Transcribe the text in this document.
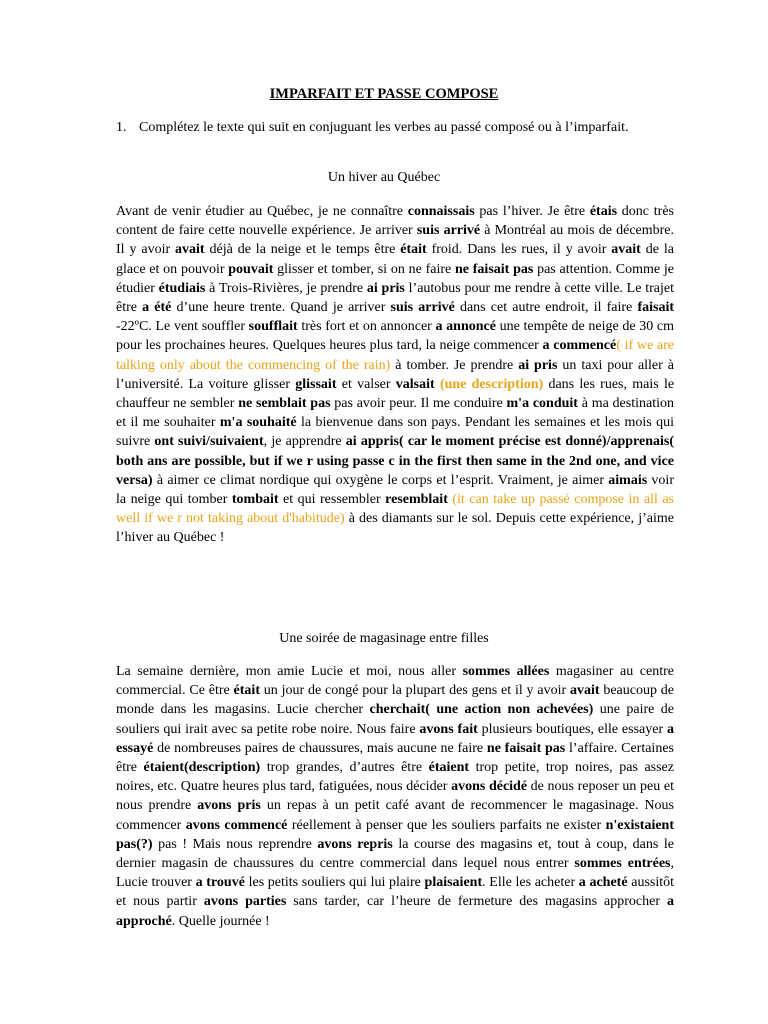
IMPARFAIT ET PASSE COMPOSE
1. Complétez le texte qui suit en conjuguant les verbes au passé composé ou à l’imparfait.
Un hiver au Québec
Avant de venir étudier au Québec, je ne connaître connaissais pas l’hiver. Je être étais donc très content de faire cette nouvelle expérience. Je arriver suis arrivé à Montréal au mois de décembre. Il y avoir avait déjà de la neige et le temps être était froid. Dans les rues, il y avoir avait de la glace et on pouvoir pouvait glisser et tomber, si on ne faire ne faisait pas pas attention. Comme je étudier étudiais à Trois-Rivières, je prendre ai pris l’autobus pour me rendre à cette ville. Le trajet être a été d’une heure trente. Quand je arriver suis arrivé dans cet autre endroit, il faire faisait -22ºC. Le vent souffler soufflait très fort et on annoncer a annoncé une tempête de neige de 30 cm pour les prochaines heures. Quelques heures plus tard, la neige commencer a commencé( if we are talking only about the commencing of the rain) à tomber. Je prendre ai pris un taxi pour aller à l’université. La voiture glisser glissait et valser valsait (une description) dans les rues, mais le chauffeur ne sembler ne semblait pas pas avoir peur. Il me conduire m'a conduit à ma destination et il me souhaiter m'a souhaité la bienvenue dans son pays. Pendant les semaines et les mois qui suivre ont suivi/suivaient, je apprendre ai appris( car le moment précise est donné)/apprenais( both ans are possible, but if we r using passe c in the first then same in the 2nd one, and vice versa) à aimer ce climat nordique qui oxygène le corps et l’esprit. Vraiment, je aimer aimais voir la neige qui tomber tombait et qui ressembler resemblait (it can take up passé compose in all as well if we r not taking about d'habitude) à des diamants sur le sol. Depuis cette expérience, j’aime l’hiver au Québec !
Une soirée de magasinage entre filles
La semaine dernière, mon amie Lucie et moi, nous aller sommes allées magasiner au centre commercial. Ce être était un jour de congé pour la plupart des gens et il y avoir avait beaucoup de monde dans les magasins. Lucie chercher cherchait( une action non achevées) une paire de souliers qui irait avec sa petite robe noire. Nous faire avons fait plusieurs boutiques, elle essayer a essayé de nombreuses paires de chaussures, mais aucune ne faire ne faisait pas l’affaire. Certaines être étaient(description) trop grandes, d’autres être étaient trop petite, trop noires, pas assez noires, etc. Quatre heures plus tard, fatiguées, nous décider avons décidé de nous reposer un peu et nous prendre avons pris un repas à un petit café avant de recommencer le magasinage. Nous commencer avons commencé réellement à penser que les souliers parfaits ne exister n'existaient pas(?) pas ! Mais nous reprendre avons repris la course des magasins et, tout à coup, dans le dernier magasin de chaussures du centre commercial dans lequel nous entrer sommes entrées, Lucie trouver a trouvé les petits souliers qui lui plaire plaisaient. Elle les acheter a acheté aussitôt et nous partir avons parties sans tarder, car l’heure de fermeture des magasins approcher a approché. Quelle journée !
